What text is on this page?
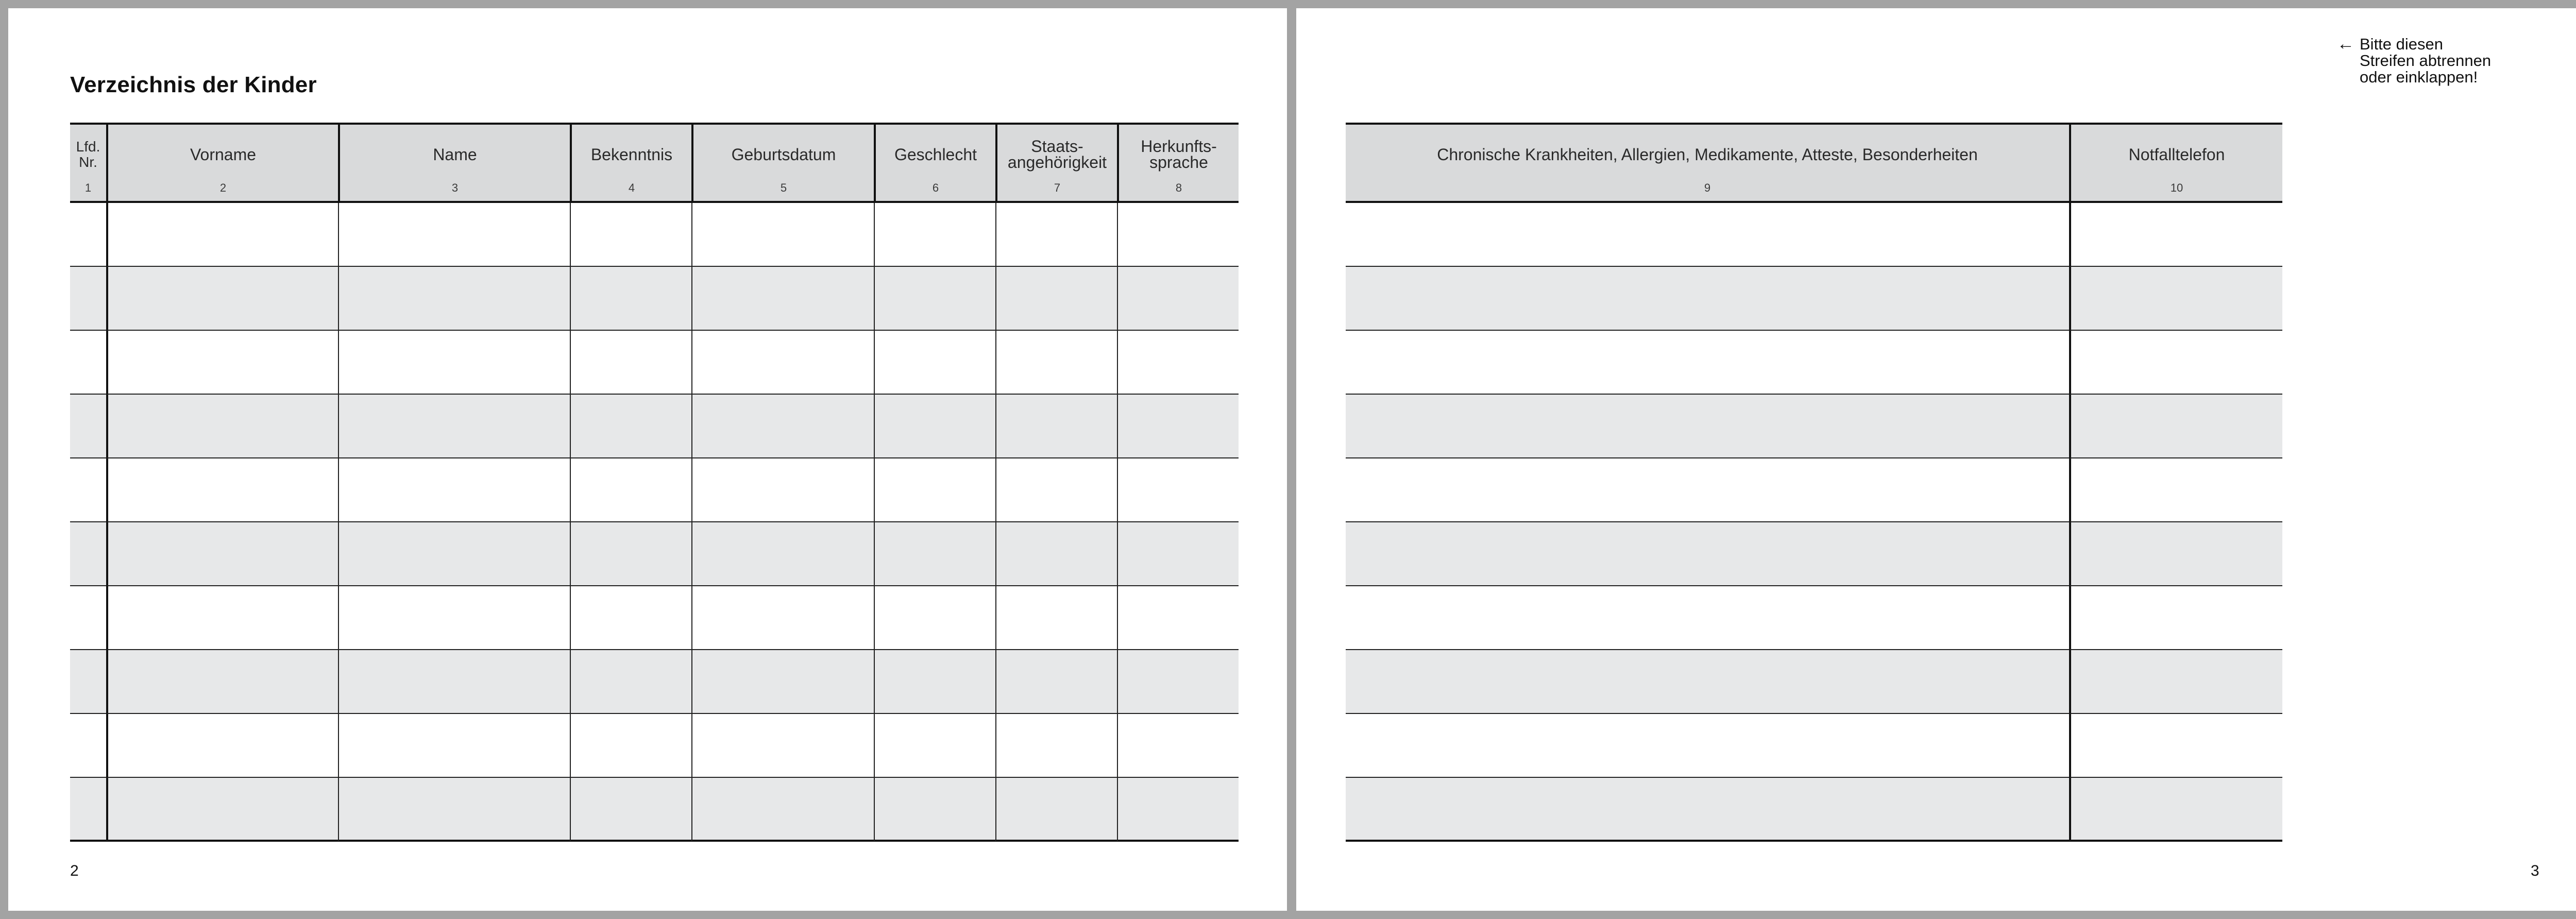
Verzeichnis der Kinder
Lfd.
Nr.
1
Vorname
2
Name
3
Bekenntnis
4
Geburtsdatum
5
Geschlecht
6
Staats-
angehörigkeit
7
Herkunfts-
sprache
8
2
Chronische Krankheiten, Allergien, Medikamente, Atteste, Besonderheiten
9
Notfalltelefon
10
3
← Bitte diesen Streifen abtrennen oder einklappen!
